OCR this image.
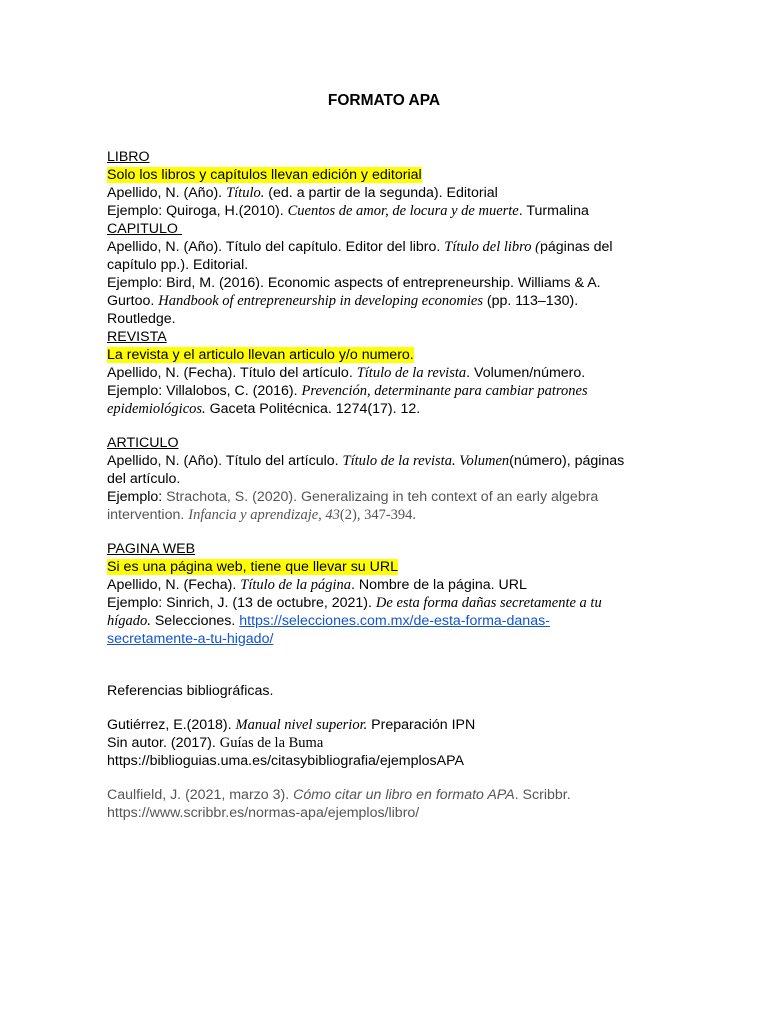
FORMATO APA
LIBRO
Solo los libros y capítulos llevan edición y editorial
Apellido, N. (Año). Título. (ed. a partir de la segunda). Editorial
Ejemplo: Quiroga, H.(2010). Cuentos de amor, de locura y de muerte. Turmalina
CAPITULO
Apellido, N. (Año). Título del capítulo. Editor del libro. Título del libro (páginas del
capítulo pp.). Editorial.
Ejemplo: Bird, M. (2016). Economic aspects of entrepreneurship. Williams & A.
Gurtoo. Handbook of entrepreneurship in developing economies (pp. 113–130).
Routledge.
REVISTA
La revista y el articulo llevan articulo y/o numero.
Apellido, N. (Fecha). Título del artículo. Título de la revista. Volumen/número.
Ejemplo: Villalobos, C. (2016). Prevención, determinante para cambiar patrones
epidemiológicos. Gaceta Politécnica. 1274(17). 12.
ARTICULO
Apellido, N. (Año). Título del artículo. Título de la revista. Volumen(número), páginas
del artículo.
Ejemplo: Strachota, S. (2020). Generalizaing in teh context of an early algebra
intervention. Infancia y aprendizaje, 43(2), 347-394.
PAGINA WEB
Si es una página web, tiene que llevar su URL
Apellido, N. (Fecha). Título de la página. Nombre de la página. URL
Ejemplo: Sinrich, J. (13 de octubre, 2021). De esta forma dañas secretamente a tu
hígado. Selecciones. https://selecciones.com.mx/de-esta-forma-danas-
secretamente-a-tu-higado/
Referencias bibliográficas.
Gutiérrez, E.(2018). Manual nivel superior. Preparación IPN
Sin autor. (2017). Guías de la Buma
https://biblioguias.uma.es/citasybibliografia/ejemplosAPA
Caulfield, J. (2021, marzo 3). Cómo citar un libro en formato APA. Scribbr.
https://www.scribbr.es/normas-apa/ejemplos/libro/
